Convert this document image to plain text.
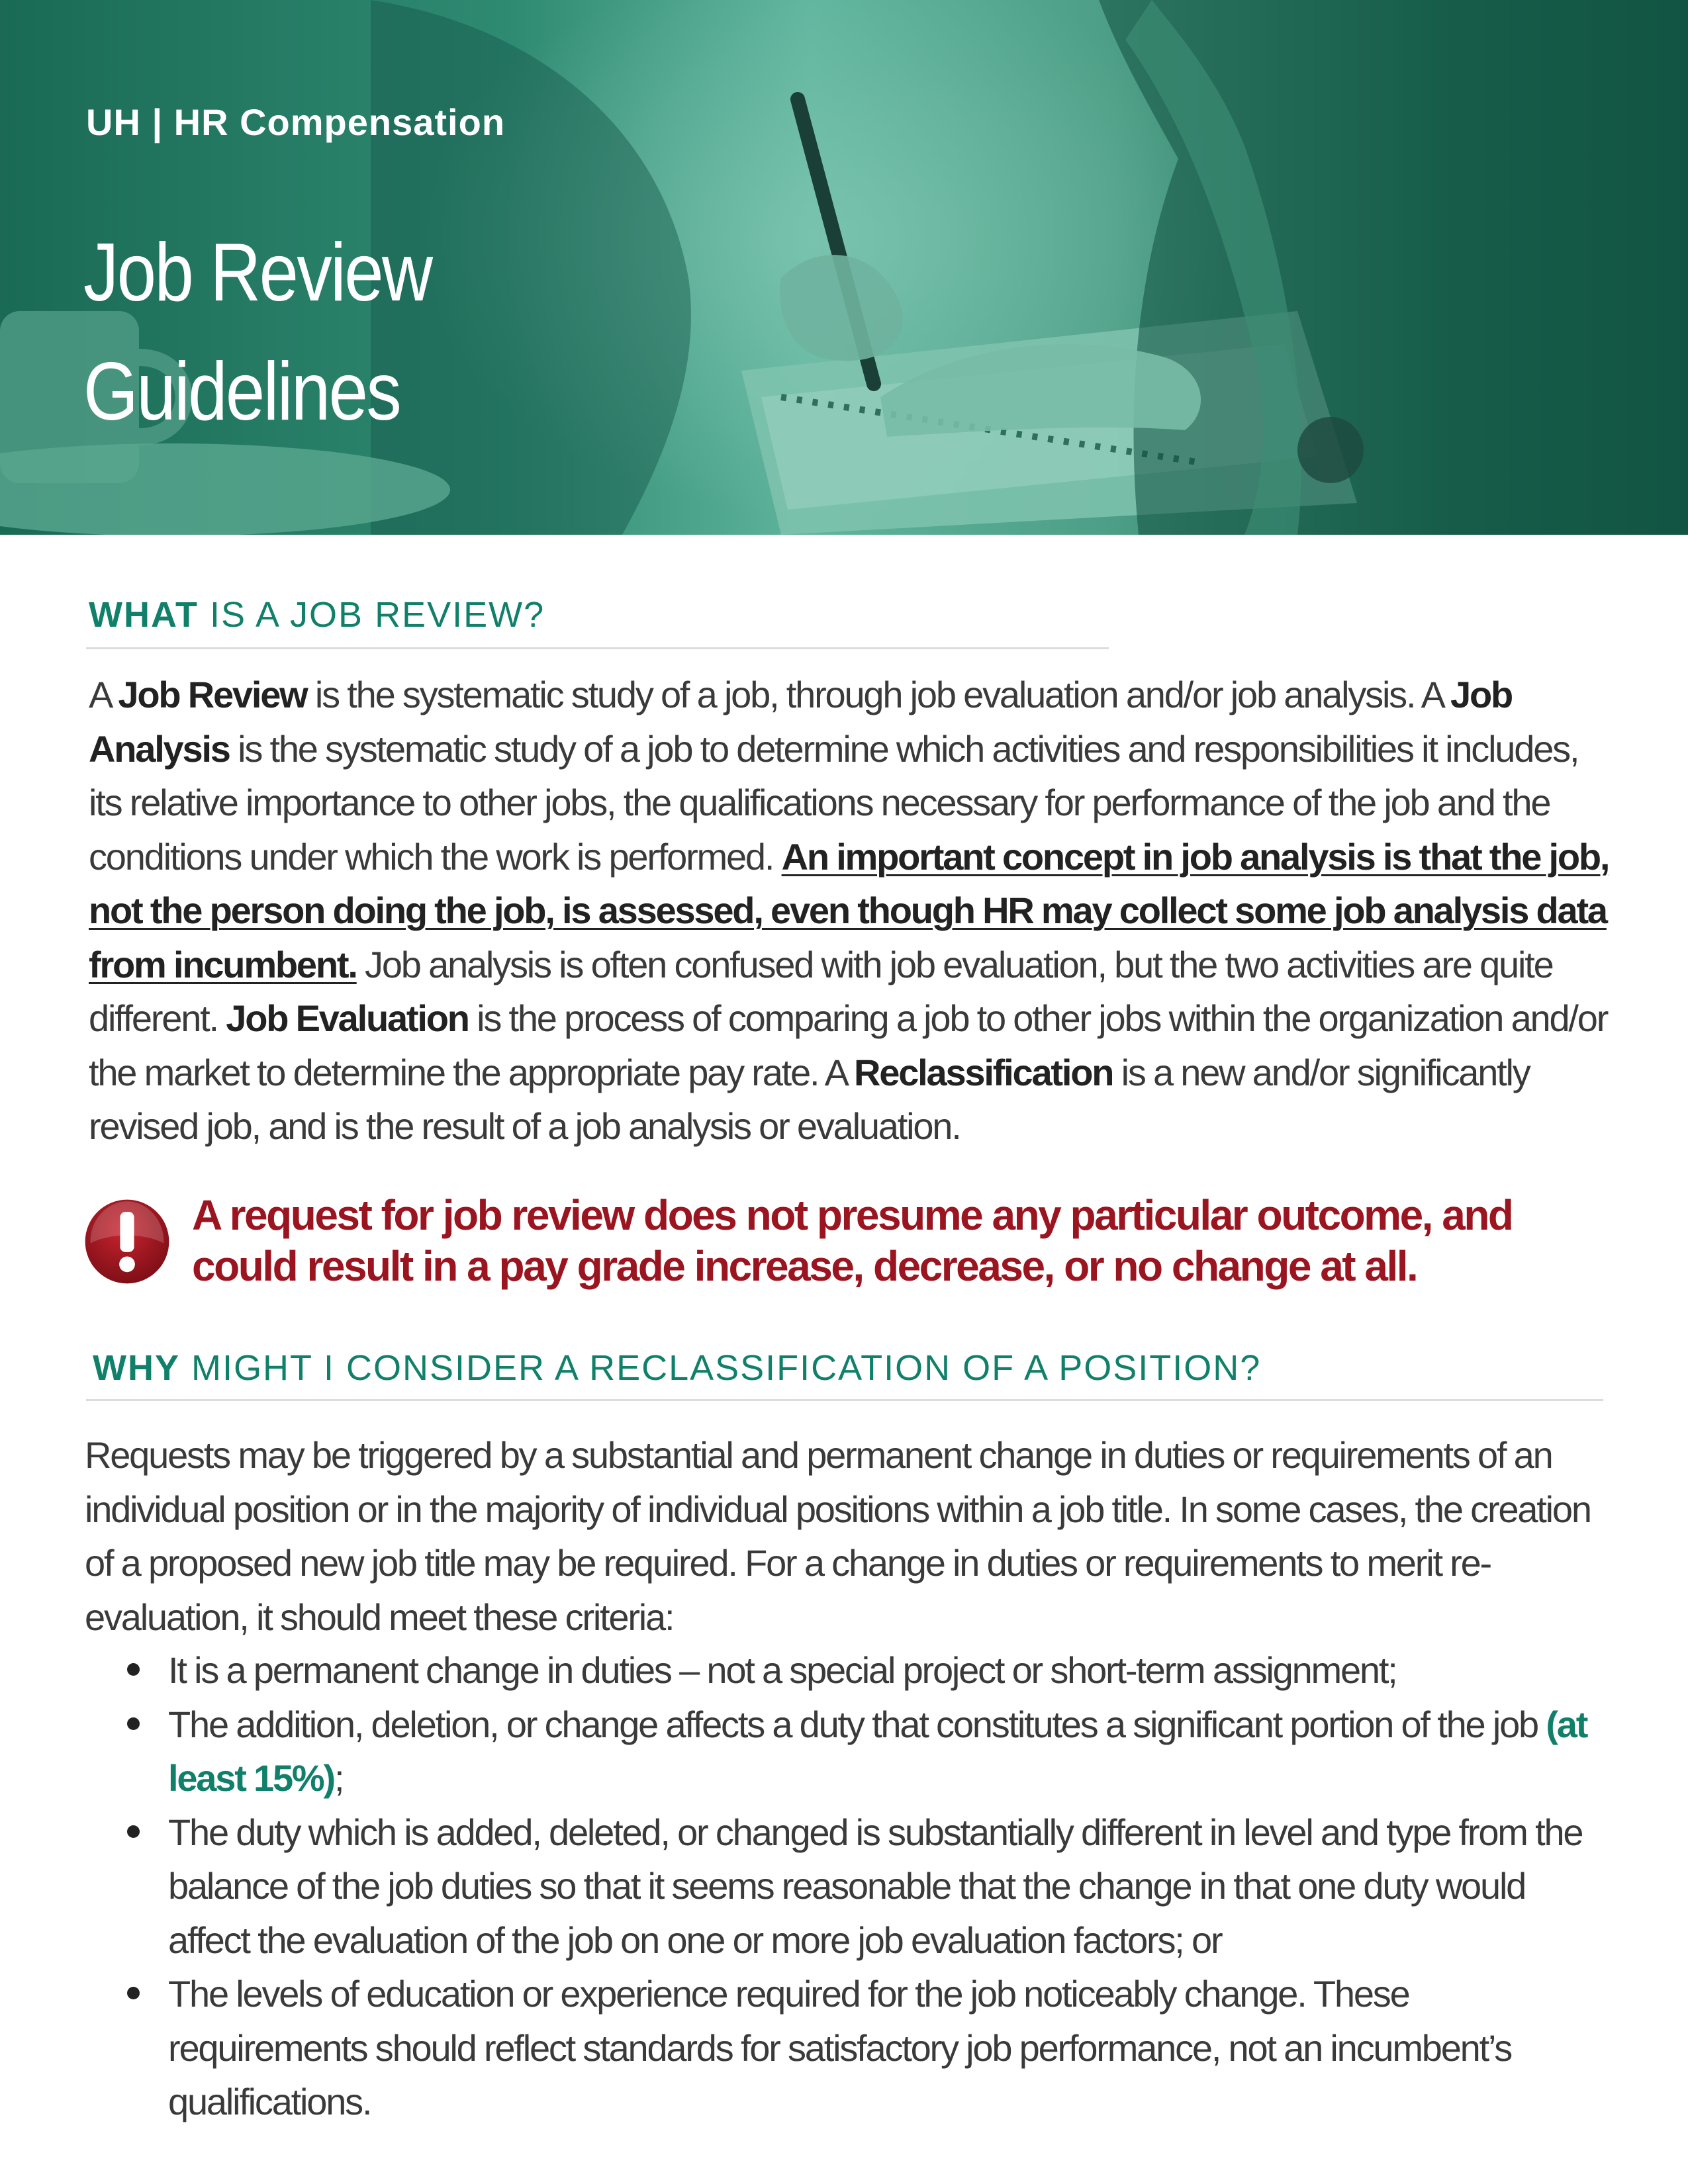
UH | HR Compensation

Job Review
Guidelines
WHAT IS A JOB REVIEW?

A Job Review is the systematic study of a job, through job evaluation and/or job analysis. A Job Analysis is the systematic study of a job to determine which activities and responsibilities it includes, its relative importance to other jobs, the qualifications necessary for performance of the job and the conditions under which the work is performed. An important concept in job analysis is that the job, not the person doing the job, is assessed, even though HR may collect some job analysis data from incumbent. Job analysis is often confused with job evaluation, but the two activities are quite different. Job Evaluation is the process of comparing a job to other jobs within the organization and/or the market to determine the appropriate pay rate. A Reclassification is a new and/or significantly revised job, and is the result of a job analysis or evaluation.

A request for job review does not presume any particular outcome, and could result in a pay grade increase, decrease, or no change at all.

WHY MIGHT I CONSIDER A RECLASSIFICATION OF A POSITION?

Requests may be triggered by a substantial and permanent change in duties or requirements of an individual position or in the majority of individual positions within a job title. In some cases, the creation of a proposed new job title may be required. For a change in duties or requirements to merit re-evaluation, it should meet these criteria:

It is a permanent change in duties – not a special project or short-term assignment;
The addition, deletion, or change affects a duty that constitutes a significant portion of the job (at least 15%);
The duty which is added, deleted, or changed is substantially different in level and type from the balance of the job duties so that it seems reasonable that the change in that one duty would affect the evaluation of the job on one or more job evaluation factors; or
The levels of education or experience required for the job noticeably change. These requirements should reflect standards for satisfactory job performance, not an incumbent’s qualifications.
